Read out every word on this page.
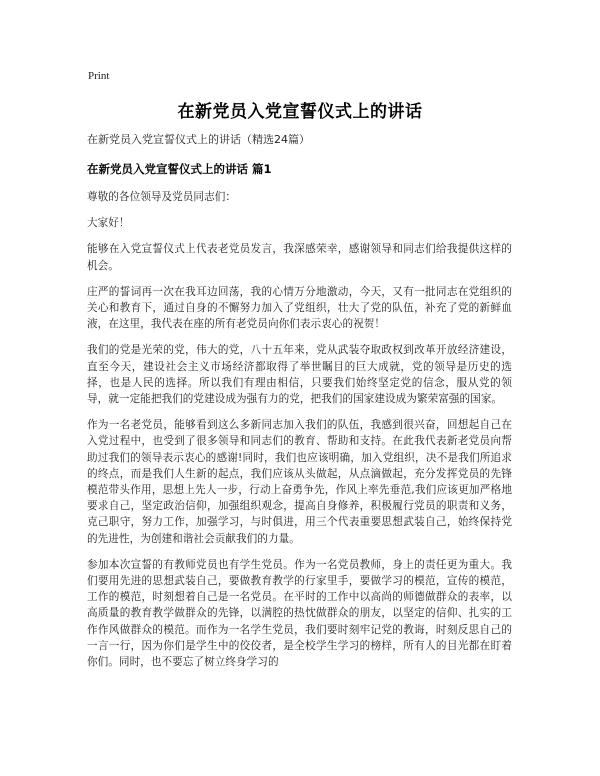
Print
在新党员入党宣誓仪式上的讲话

在新党员入党宣誓仪式上的讲话（精选24篇）

在新党员入党宣誓仪式上的讲话 篇1

尊敬的各位领导及党员同志们：

大家好！

能够在入党宣誓仪式上代表老党员发言，我深感荣幸，感谢领导和同志们给我提供这样的机会。

庄严的誓词再一次在我耳边回荡，我的心情万分地激动，今天，又有一批同志在党组织的关心和教育下，通过自身的不懈努力加入了党组织，壮大了党的队伍，补充了党的新鲜血液，在这里，我代表在座的所有老党员向你们表示衷心的祝贺！

我们的党是光荣的党，伟大的党，八十五年来，党从武装夺取政权到改革开放经济建设，直至今天，建设社会主义市场经济都取得了举世瞩目的巨大成就，党的领导是历史的选择，也是人民的选择。所以我们有理由相信，只要我们始终坚定党的信念，服从党的领导，就一定能把我们的党建设成为强有力的党，把我们的国家建设成为繁荣富强的国家。

作为一名老党员，能够看到这么多新同志加入我们的队伍，我感到很兴奋，回想起自己在入党过程中，也受到了很多领导和同志们的教育、帮助和支持。在此我代表新老党员向帮助过我们的领导表示衷心的感谢!同时，我们也应该明确，加入党组织，决不是我们所追求的终点，而是我们人生新的起点，我们应该从头做起，从点滴做起，充分发挥党员的先锋模范带头作用，思想上先人一步，行动上奋勇争先，作风上率先垂范,我们应该更加严格地要求自己，坚定政治信仰，加强组织观念，提高自身修养，积极履行党员的职责和义务，克己职守，努力工作，加强学习，与时俱进，用三个代表重要思想武装自己，始终保持党的先进性，为创建和谐社会贡献我们的力量。

参加本次宣誓的有教师党员也有学生党员。作为一名党员教师，身上的责任更为重大。我们要用先进的思想武装自己，要做教育教学的行家里手，要做学习的模范，宣传的模范，工作的模范，时刻想着自己是一名党员。在平时的工作中以高尚的师德做群众的表率，以高质量的教育教学做群众的先锋，以满腔的热忱做群众的朋友，以坚定的信仰、扎实的工作作风做群众的模范。而作为一名学生党员，我们要时刻牢记党的教诲，时刻反思自己的一言一行，因为你们是学生中的佼佼者，是全校学生学习的榜样，所有人的目光都在盯着你们。同时，也不要忘了树立终身学习的
